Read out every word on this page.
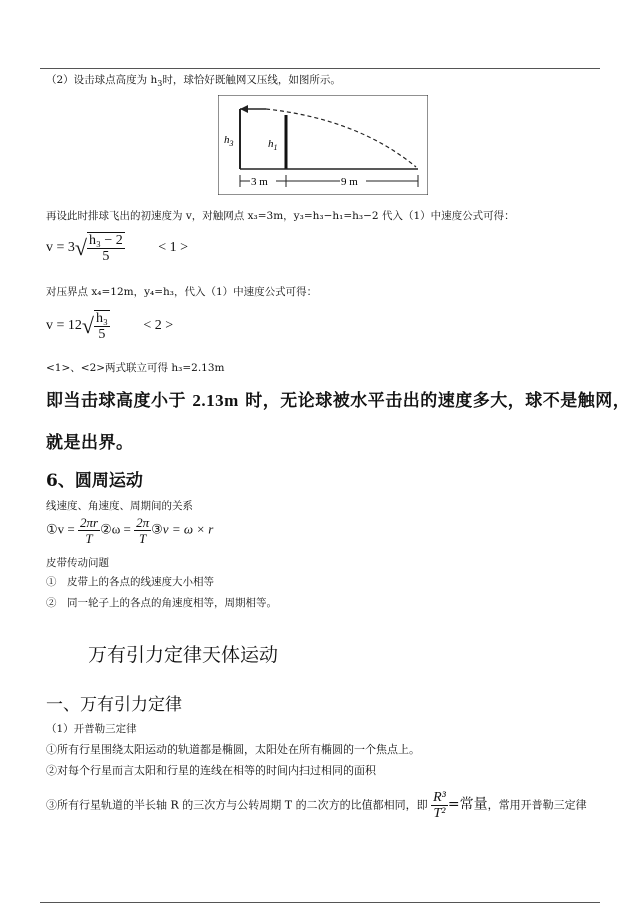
（2）设击球点高度为 $h_3$时，球恰好既触网又压线，如图所示。
$h_3$	$h_1$
3 m	9 m
再设此时排球飞出的初速度为 v，对触网点 x₃=3m，y₃=h₃−h₁=h₃−2 代入（1）中速度公式可得：
$v = 3√ \frac{\text{h₃ − 2}}{5} < 1$ >
对压界点 x₄=12m，y₄=h₃，代入（1）中速度公式可得：
$v = 12√ \frac{\text{h₃}}{5} < 2$ >
<1>、<2>两式联立可得 h₃=2.13m
即当击球高度小于 2.13m 时，无论球被水平击出的速度多大，球不是触网，
就是出界。
6、圆周运动
线速度、角速度、周期间的关系
①v = $\frac{2\pi r}{T}$ ②ω = $\frac{2\pi}{T}$ ③v = ω × r
皮带传动问题
①　皮带上的各点的线速度大小相等
②　同一轮子上的各点的角速度相等，周期相等。
万有引力定律天体运动
一、万有引力定律
（1）开普勒三定律
①所有行星围绕太阳运动的轨道都是椭圆，太阳处在所有椭圆的一个焦点上。
②对每个行星而言太阳和行星的连线在相等的时间内扫过相同的面积
③所有行星轨道的半长轴 R 的三次方与公转周期 T 的二次方的比值都相同，即 $\frac{\text{R³}}{\text{T²}}$ =常量，常用开普勒三定律
